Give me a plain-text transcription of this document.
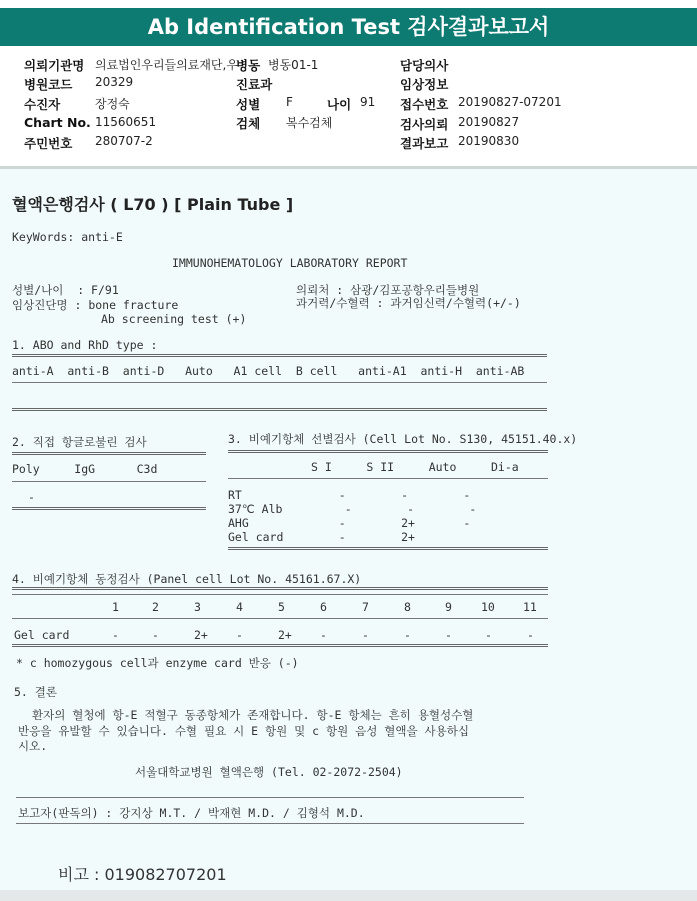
Ab Identification Test 검사결과보고서
의뢰기관명 의료법인우리들의료재단,우
병원코드 20329
수진자	장정숙
Chart No. 11560651
주민번호 280707-2
병동 병동01-1
진료과
성별 F	나이 91
검체 복수검체
담당의사
임상정보
접수번호 20190827-07201
검사의뢰 20190827
결과보고 20190830
혈액은행검사 ( L70 ) [ Plain Tube ]
KeyWords: anti-E
IMMUNOHEMATOLOGY LABORATORY REPORT
성별/나이  : F/91
임상진단명 : bone fracture
Ab screening test (+)
의뢰처 : 삼광/김포공항우리들병원
과거력/수혈력 : 과거임신력/수혈력(+/-)
1. ABO and RhD type :
anti-A  anti-B  anti-D   Auto   A1 cell  B cell   anti-A1  anti-H  anti-AB
2. 직접 항글로불린 검사
Poly     IgG      C3d
-
3. 비예기항체 선별검사 (Cell Lot No. S130, 45151.40.x)
S I     S II     Auto     Di-a
RT              -        -        -
37℃ Alb         -        -        -
AHG             -        2+       -
Gel card        -        2+
4. 비예기항체 동정검사 (Panel cell Lot No. 45161.67.X)
1	2	3	4	5	6	7	8	9	10 11
Gel card	-	-	2+ -	2+ -	-	-	-	-	-
* c homozygous cell과 enzyme card 반응 (-)
5. 결론
환자의 혈청에 항-E 적혈구 동종항체가 존재합니다. 항-E 항체는 흔히 용혈성수혈
반응을 유발할 수 있습니다. 수혈 필요 시 E 항원 및 c 항원 음성 혈액을 사용하십
시오.
서울대학교병원 혈액은행 (Tel. 02-2072-2504)
보고자(판독의) : 강지상 M.T. / 박재현 M.D. / 김형석 M.D.
비고 : 019082707201
